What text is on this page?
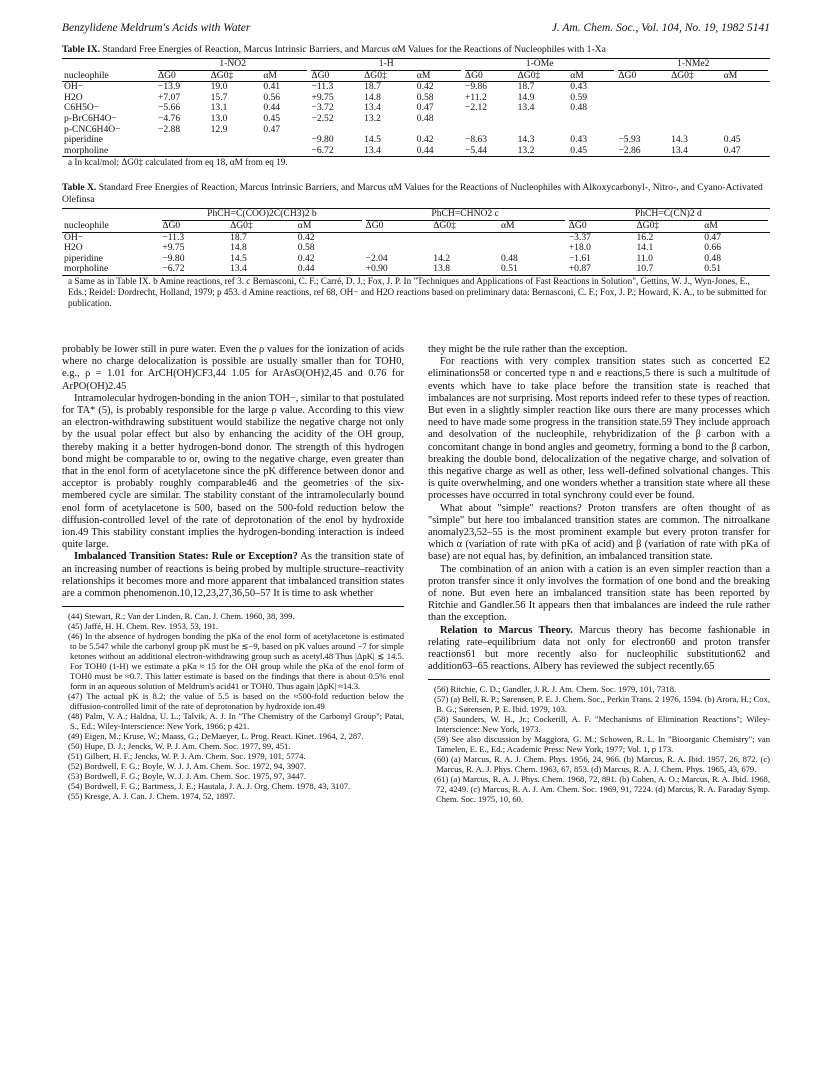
Benzylidene Meldrum's Acids with Water	J. Am. Chem. Soc., Vol. 104, No. 19, 1982 5141
Table IX. Standard Free Energies of Reaction, Marcus Intrinsic Barriers, and Marcus αM Values for the Reactions of Nucleophiles with 1-Xa

	1-NO2			1-H			1-OMe			1-NMe2		

nucleophile	ΔG0	ΔG0‡	αM	ΔG0	ΔG0‡	αM	ΔG0	ΔG0‡	αM	ΔG0	ΔG0‡	αM
OH−	−13.9	19.0	0.41	−11.3	18.7	0.42	−9.86	18.7	0.43			
H2O	+7.07	15.7	0.56	+9.75	14.8	0.58	+11.2	14.9	0.59			
C6H5O−	−5.66	13.1	0.44	−3.72	13.4	0.47	−2.12	13.4	0.48			
p-BrC6H4O−	−4.76	13.0	0.45	−2.52	13.2	0.48						
p-CNC6H4O−	−2.88	12.9	0.47									
piperidine				−9.80	14.5	0.42	−8.63	14.3	0.43	−5.93	14.3	0.45
morpholine				−6.72	13.4	0.44	−5.44	13.2	0.45	−2.86	13.4	0.47
a In kcal/mol; ΔG0‡ calculated from eq 18, αM from eq 19.
Table X. Standard Free Energies of Reaction, Marcus Intrinsic Barriers, and Marcus αM Values for the Reactions of Nucleophiles with Alkoxycarbonyl-, Nitro-, and Cyano-Activated Olefinsa

	PhCH=C(COO)2C(CH3)2 b			PhCH=CHNO2 c			PhCH=C(CN)2 d		

nucleophile	ΔG0	ΔG0‡	αM	ΔG0	ΔG0‡	αM	ΔG0	ΔG0‡	αM
OH−	−11.3	18.7	0.42				−3.37	16.2	0.47
H2O	+9.75	14.8	0.58				+18.0	14.1	0.66
piperidine	−9.80	14.5	0.42	−2.04	14.2	0.48	−1.61	11.0	0.48
morpholine	−6.72	13.4	0.44	+0.90	13.8	0.51	+0.87	10.7	0.51
a Same as in Table IX. b Amine reactions, ref 3. c Bernasconi, C. F.; Carré, D. J.; Fox, J. P. In "Techniques and Applications of Fast Reactions in Solution", Gettins, W. J., Wyn-Jones, E., Eds.; Reidel: Dordrecht, Holland, 1979; p 453. d Amine reactions, ref 68, OH− and H2O reactions based on preliminary data: Bernasconi, C. F.; Fox, J. P.; Howard, K. A., to be submitted for publication.

probably be lower still in pure water. Even the ρ values for the ionization of acids where no charge delocalization is possible are usually smaller than for TOH0, e.g., ρ = 1.01 for ArCH(OH)CF3,44 1.05 for ArAsO(OH)2,45 and 0.76 for ArPO(OH)2.45

Intramolecular hydrogen-bonding in the anion TOH−, similar to that postulated for TA* (5), is probably responsible for the large ρ value. According to this view an electron-withdrawing substituent would stabilize the negative charge not only by the usual polar effect but also by enhancing the acidity of the OH group, thereby making it a better hydrogen-bond donor. The strength of this hydrogen bond might be comparable to or, owing to the negative charge, even greater than that in the enol form of acetylacetone since the pK difference between donor and acceptor is probably roughly comparable46 and the geometries of the six-membered cycle are similar. The stability constant of the intramolecularly bound enol form of acetylacetone is 500, based on the 500-fold reduction below the diffusion-controlled level of the rate of deprotonation of the enol by hydroxide ion.49 This stability constant implies the hydrogen-bonding interaction is indeed quite large.

Imbalanced Transition States: Rule or Exception? As the transition state of an increasing number of reactions is being probed by multiple structure–reactivity relationships it becomes more and more apparent that imbalanced transition states are a common phenomenon.10,12,23,27,36,50–57 It is time to ask whether

(44) Stewart, R.; Van der Linden, R. Can. J. Chem. 1960, 38, 399.

(45) Jaffé, H. H. Chem. Rev. 1953, 53, 191.

(46) In the absence of hydrogen bonding the pKa of the enol form of acetylacetone is estimated to be 5.547 while the carbonyl group pK must be ≲−9, based on pK values around −7 for simple ketones without an additional electron-withdrawing group such as acetyl.48 Thus |ΔpK| ≲ 14.5. For TOH0 (1-H) we estimate a pKa ≈ 15 for the OH group while the pKa of the enol form of TOH0 must be ≈0.7. This latter estimate is based on the findings that there is about 0.5% enol form in an aqueous solution of Meldrum's acid41 or TOH0. Thus again |ΔpK| ≈14.3.

(47) The actual pK is 8.2; the value of 5.5 is based on the ≈500-fold reduction below the diffusion-controlled limit of the rate of deprotonation by hydroxide ion.49

(48) Palm, V. A.; Haldna, U. L.; Talvik, A. J. In "The Chemistry of the Carbonyl Group"; Patai, S., Ed.; Wiley-Interscience: New York, 1966; p 421.

(49) Eigen, M.; Kruse, W.; Maass, G.; DeMaeyer, L. Prog. React. Kinet. 1964, 2, 287.

(50) Hupe, D. J.; Jencks, W. P. J. Am. Chem. Soc. 1977, 99, 451.

(51) Gilbert, H. F.; Jencks, W. P. J. Am. Chem. Soc. 1979, 101, 5774.

(52) Bordwell, F. G.; Boyle, W. J. J. Am. Chem. Soc. 1972, 94, 3907.

(53) Bordwell, F. G.; Boyle, W. J. J. Am. Chem. Soc. 1975, 97, 3447.

(54) Bordwell, F. G.; Bartmess, J. E.; Hautala, J. A. J. Org. Chem. 1978, 43, 3107.

(55) Kresge, A. J. Can. J. Chem. 1974, 52, 1897.

they might be the rule rather than the exception.

For reactions with very complex transition states such as concerted E2 eliminations58 or concerted type n and e reactions,5 there is such a multitude of events which have to take place before the transition state is reached that imbalances are not surprising. Most reports indeed refer to these types of reaction. But even in a slightly simpler reaction like ours there are many processes which need to have made some progress in the transition state.59 They include approach and desolvation of the nucleophile, rehybridization of the β carbon with a concomitant change in bond angles and geometry, forming a bond to the β carbon, breaking the double bond, delocalization of the negative charge, and solvation of this negative charge as well as other, less well-defined solvational changes. This is quite overwhelming, and one wonders whether a transition state where all these processes have occurred in total synchrony could ever be found.

What about "simple" reactions? Proton transfers are often thought of as "simple" but here too imbalanced transition states are common. The nitroalkane anomaly23,52–55 is the most prominent example but every proton transfer for which α (variation of rate with pKa of acid) and β (variation of rate with pKa of base) are not equal has, by definition, an imbalanced transition state.

The combination of an anion with a cation is an even simpler reaction than a proton transfer since it only involves the formation of one bond and the breaking of none. But even here an imbalanced transition state has been reported by Ritchie and Gandler.56 It appears then that imbalances are indeed the rule rather than the exception.

Relation to Marcus Theory. Marcus theory has become fashionable in relating rate–equilibrium data not only for electron60 and proton transfer reactions61 but more recently also for nucleophilic substitution62 and addition63–65 reactions. Albery has reviewed the subject recently.65

(56) Ritchie, C. D.; Gandler, J. R. J. Am. Chem. Soc. 1979, 101, 7318.

(57) (a) Bell, R. P.; Sørensen, P. E. J. Chem. Soc., Perkin Trans. 2 1976, 1594. (b) Arora, H.; Cox, B. G.; Sørensen, P. E. Ibid. 1979, 103.

(58) Saunders, W. H., Jr.; Cockerill, A. F. "Mechanisms of Elimination Reactions"; Wiley-Interscience: New York, 1973.

(59) See also discussion by Maggiora, G. M.; Schowen, R. L. In "Bioorganic Chemistry"; van Tamelen, E. E., Ed.; Academic Press: New York, 1977; Vol. 1, p 173.

(60) (a) Marcus, R. A. J. Chem. Phys. 1956, 24, 966. (b) Marcus, R. A. Ibid. 1957, 26, 872. (c) Marcus, R. A. J. Phys. Chem. 1963, 67, 853. (d) Marcus, R. A. J. Chem. Phys. 1965, 43, 679.

(61) (a) Marcus, R. A. J. Phys. Chem. 1968, 72, 891. (b) Cohen, A. O.; Marcus, R. A. Ibid. 1968, 72, 4249. (c) Marcus, R. A. J. Am. Chem. Soc. 1969, 91, 7224. (d) Marcus, R. A. Faraday Symp. Chem. Soc. 1975, 10, 60.
